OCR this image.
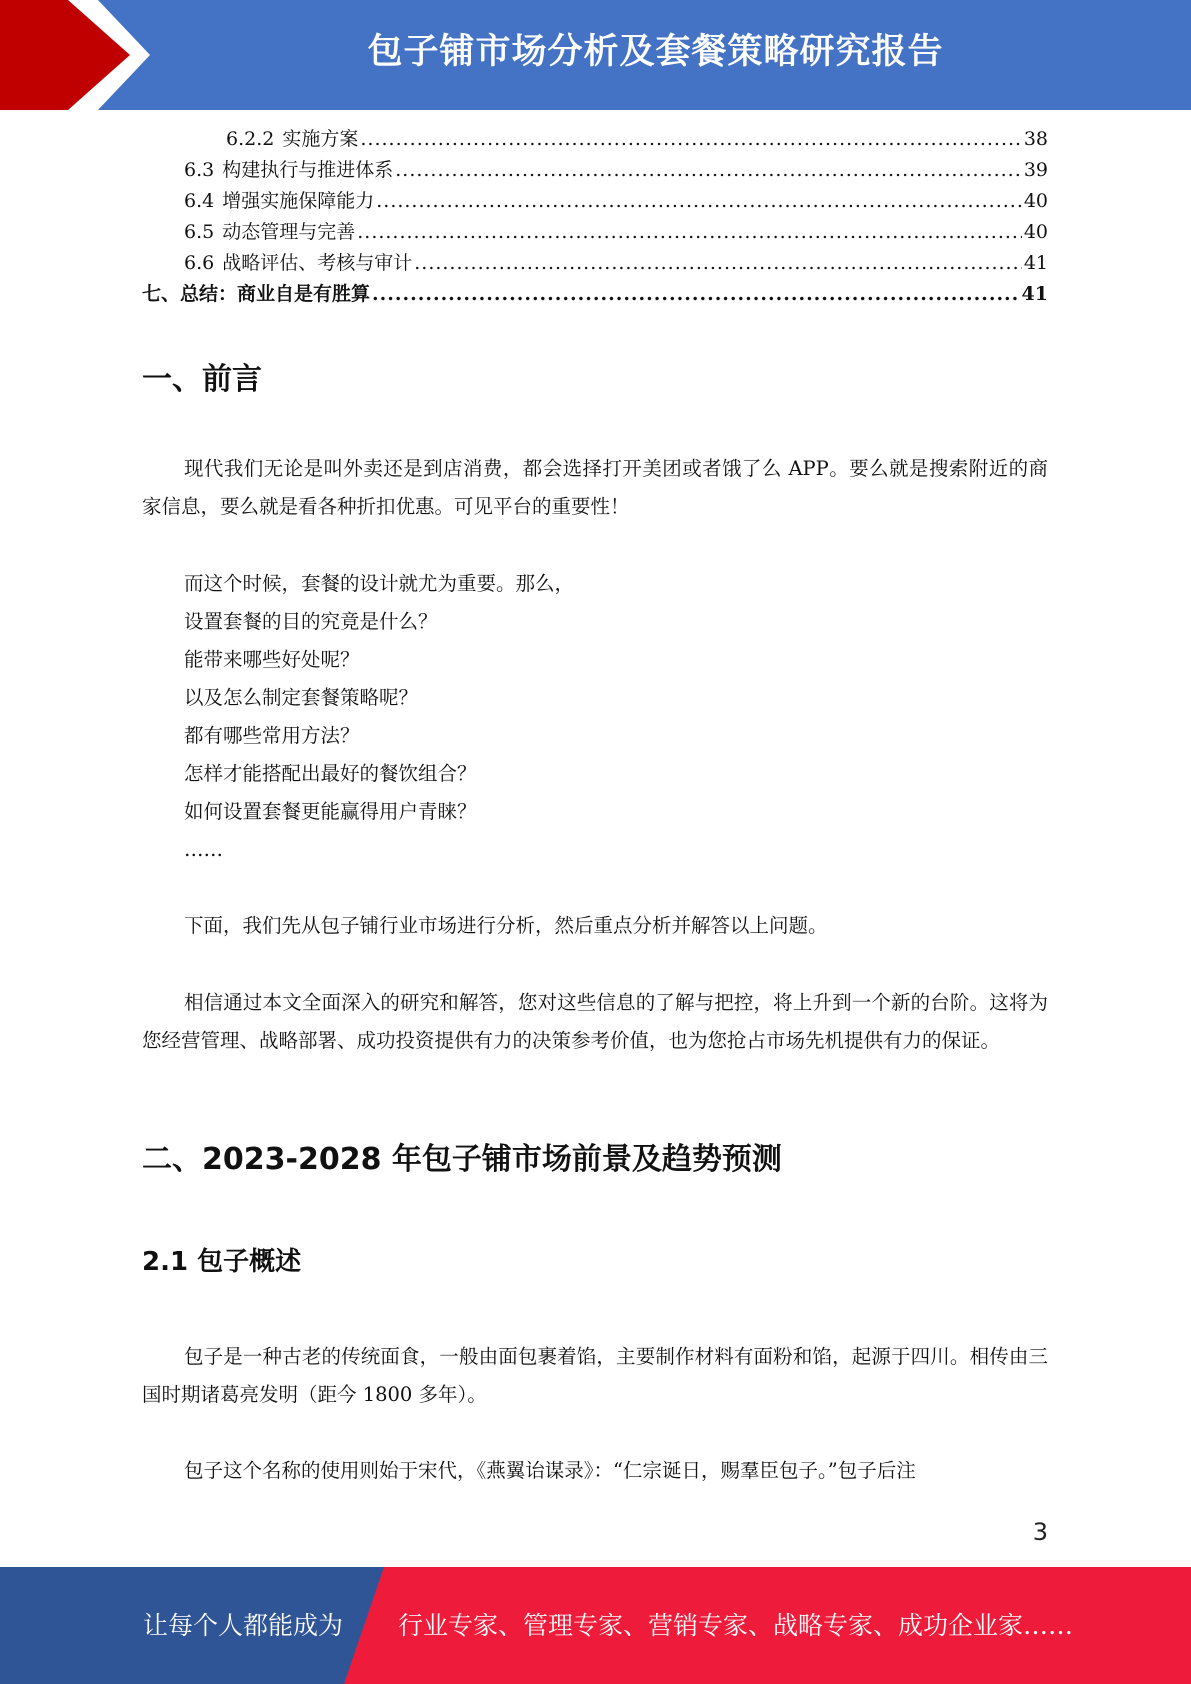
包子铺市场分析及套餐策略研究报告
6.2.2 实施方案 .....	38
6.3 构建执行与推进体系 .....	39
6.4 增强实施保障能力 .....	40
6.5 动态管理与完善 .....	40
6.6 战略评估、考核与审计 .....	41
七、 总结：商业自是有胜算 .....	41
一、前言

现代我们无论是叫外卖还是到店消费，都会选择打开美团或者饿了么 APP。要么就是搜索附近的商家信息，要么就是看各种折扣优惠。可见平台的重要性！

而这个时候，套餐的设计就尤为重要。那么，
设置套餐的目的究竟是什么？
能带来哪些好处呢？
以及怎么制定套餐策略呢？
都有哪些常用方法？
怎样才能搭配出最好的餐饮组合？
如何设置套餐更能赢得用户青睐？
……

下面，我们先从包子铺行业市场进行分析，然后重点分析并解答以上问题。

相信通过本文全面深入的研究和解答，您对这些信息的了解与把控，将上升到一个新的台阶。这将为您经营管理、战略部署、成功投资提供有力的决策参考价值，也为您抢占市场先机提供有力的保证。

二、2023-2028 年包子铺市场前景及趋势预测
2.1 包子概述

包子是一种古老的传统面食，一般由面包裹着馅，主要制作材料有面粉和馅，起源于四川。相传由三国时期诸葛亮发明（距今 1800 多年）。

包子这个名称的使用则始于宋代，《燕翼诒谋录》：“仁宗诞日，赐羣臣包子。”包子后注

3
让每个人都能成为 行业专家、管理专家、营销专家、战略专家、成功企业家……
